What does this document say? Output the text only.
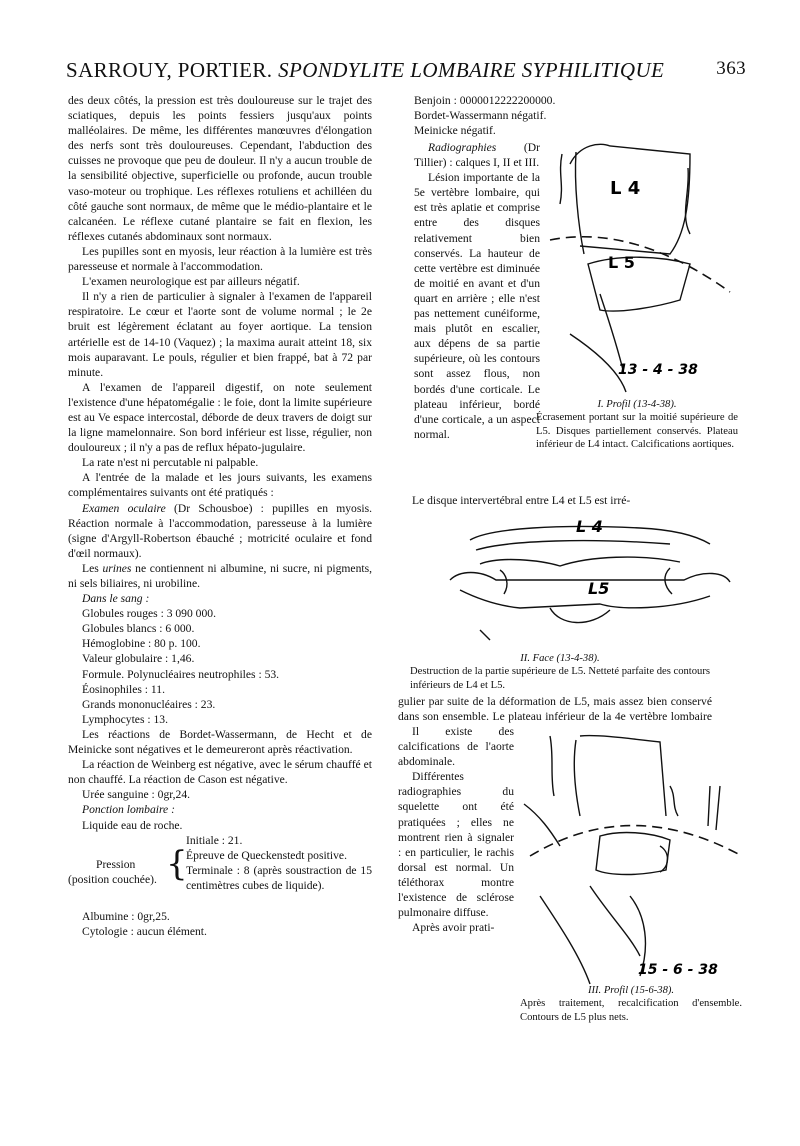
SARROUY, PORTIER. SPONDYLITE LOMBAIRE SYPHILITIQUE	363

des deux côtés, la pression est très douloureuse sur le trajet des sciatiques, depuis les points fessiers jusqu'aux points malléolaires. De même, les différentes manœuvres d'élongation des nerfs sont très douloureuses. Cependant, l'abduction des cuisses ne provoque que peu de douleur. Il n'y a aucun trouble de la sensibilité objective, superficielle ou profonde, aucun trouble vaso-moteur ou trophique. Les réflexes rotuliens et achilléen du côté gauche sont normaux, de même que le médio-plantaire et le calcanéen. Le réflexe cutané plantaire se fait en flexion, les réflexes cutanés abdominaux sont normaux.

Les pupilles sont en myosis, leur réaction à la lumière est très paresseuse et normale à l'accommodation.

L'examen neurologique est par ailleurs négatif.

Il n'y a rien de particulier à signaler à l'examen de l'appareil respiratoire. Le cœur et l'aorte sont de volume normal ; le 2e bruit est légèrement éclatant au foyer aortique. La tension artérielle est de 14-10 (Vaquez) ; la maxima aurait atteint 18, six mois auparavant. Le pouls, régulier et bien frappé, bat à 72 par minute.

A l'examen de l'appareil digestif, on note seulement l'existence d'une hépatomégalie : le foie, dont la limite supérieure est au Ve espace intercostal, déborde de deux travers de doigt sur la ligne mamelonnaire. Son bord inférieur est lisse, régulier, non douloureux ; il n'y a pas de reflux hépato-jugulaire.

La rate n'est ni percutable ni palpable.

A l'entrée de la malade et les jours suivants, les examens complémentaires suivants ont été pratiqués :

Examen oculaire (Dr Schousboe) : pupilles en myosis. Réaction normale à l'accommodation, paresseuse à la lumière (signe d'Argyll-Robertson ébauché ; motricité oculaire et fond d'œil normaux).

Les urines ne contiennent ni albumine, ni sucre, ni pigments, ni sels biliaires, ni urobiline.

Dans le sang :

Globules rouges : 3 090 000.

Globules blancs : 6 000.

Hémoglobine : 80 p. 100.

Valeur globulaire : 1,46.

Formule. Polynucléaires neutrophiles : 53.

Éosinophiles : 11.

Grands mononucléaires : 23.

Lymphocytes : 13.

Les réactions de Bordet-Wassermann, de Hecht et de Meinicke sont négatives et le demeureront après réactivation.

La réaction de Weinberg est négative, avec le sérum chauffé et non chauffé. La réaction de Cason est négative.

Urée sanguine : 0gr,24.

Ponction lombaire :

Liquide eau de roche.

Pression
(position couchée). {
Initiale : 21.
Épreuve de Queckenstedt positive.
Terminale : 8 (après soustraction de 15 centimètres cubes de liquide).

Albumine : 0gr,25.

Cytologie : aucun élément.

Benjoin : 0000012222200000.

Bordet-Wassermann négatif.

Meinicke négatif.

Radiographies (Dr Tillier) : calques I, II et III.

Lésion importante de la 5e vertèbre lombaire, qui est très aplatie et comprise entre des disques relativement bien conservés. La hauteur de cette vertèbre est diminuée de moitié en avant et d'un quart en arrière ; elle n'est pas nettement cunéiforme, mais plutôt en escalier, aux dépens de sa partie supérieure, où les contours sont assez flous, non bordés d'une corticale. Le plateau inférieur, bordé d'une corticale, a un aspect normal.

L 4
L 5
13 - 4 - 38
I. Profil (13-4-38).
Écrasement portant sur la moitié supérieure de L5. Disques partiellement conservés. Plateau inférieur de L4 intact. Calcifications aortiques.
Le disque intervertébral entre L4 et L5 est irré-
L 4
L5
II. Face (13-4-38).
Destruction de la partie supérieure de L5. Netteté parfaite des contours inférieurs de L4 et L5.

gulier par suite de la déformation de L5, mais assez bien conservé dans son ensemble. Le plateau inférieur de la 4e vertèbre lombaire

Il existe des calcifications de l'aorte abdominale.

Différentes radiographies du squelette ont été pratiquées ; elles ne montrent rien à signaler : en particulier, le rachis dorsal est normal. Un téléthorax montre l'existence de sclérose pulmonaire diffuse.

Après avoir prati-

15 - 6 - 38
III. Profil (15-6-38).
Après traitement, recalcification d'ensemble. Contours de L5 plus nets.
